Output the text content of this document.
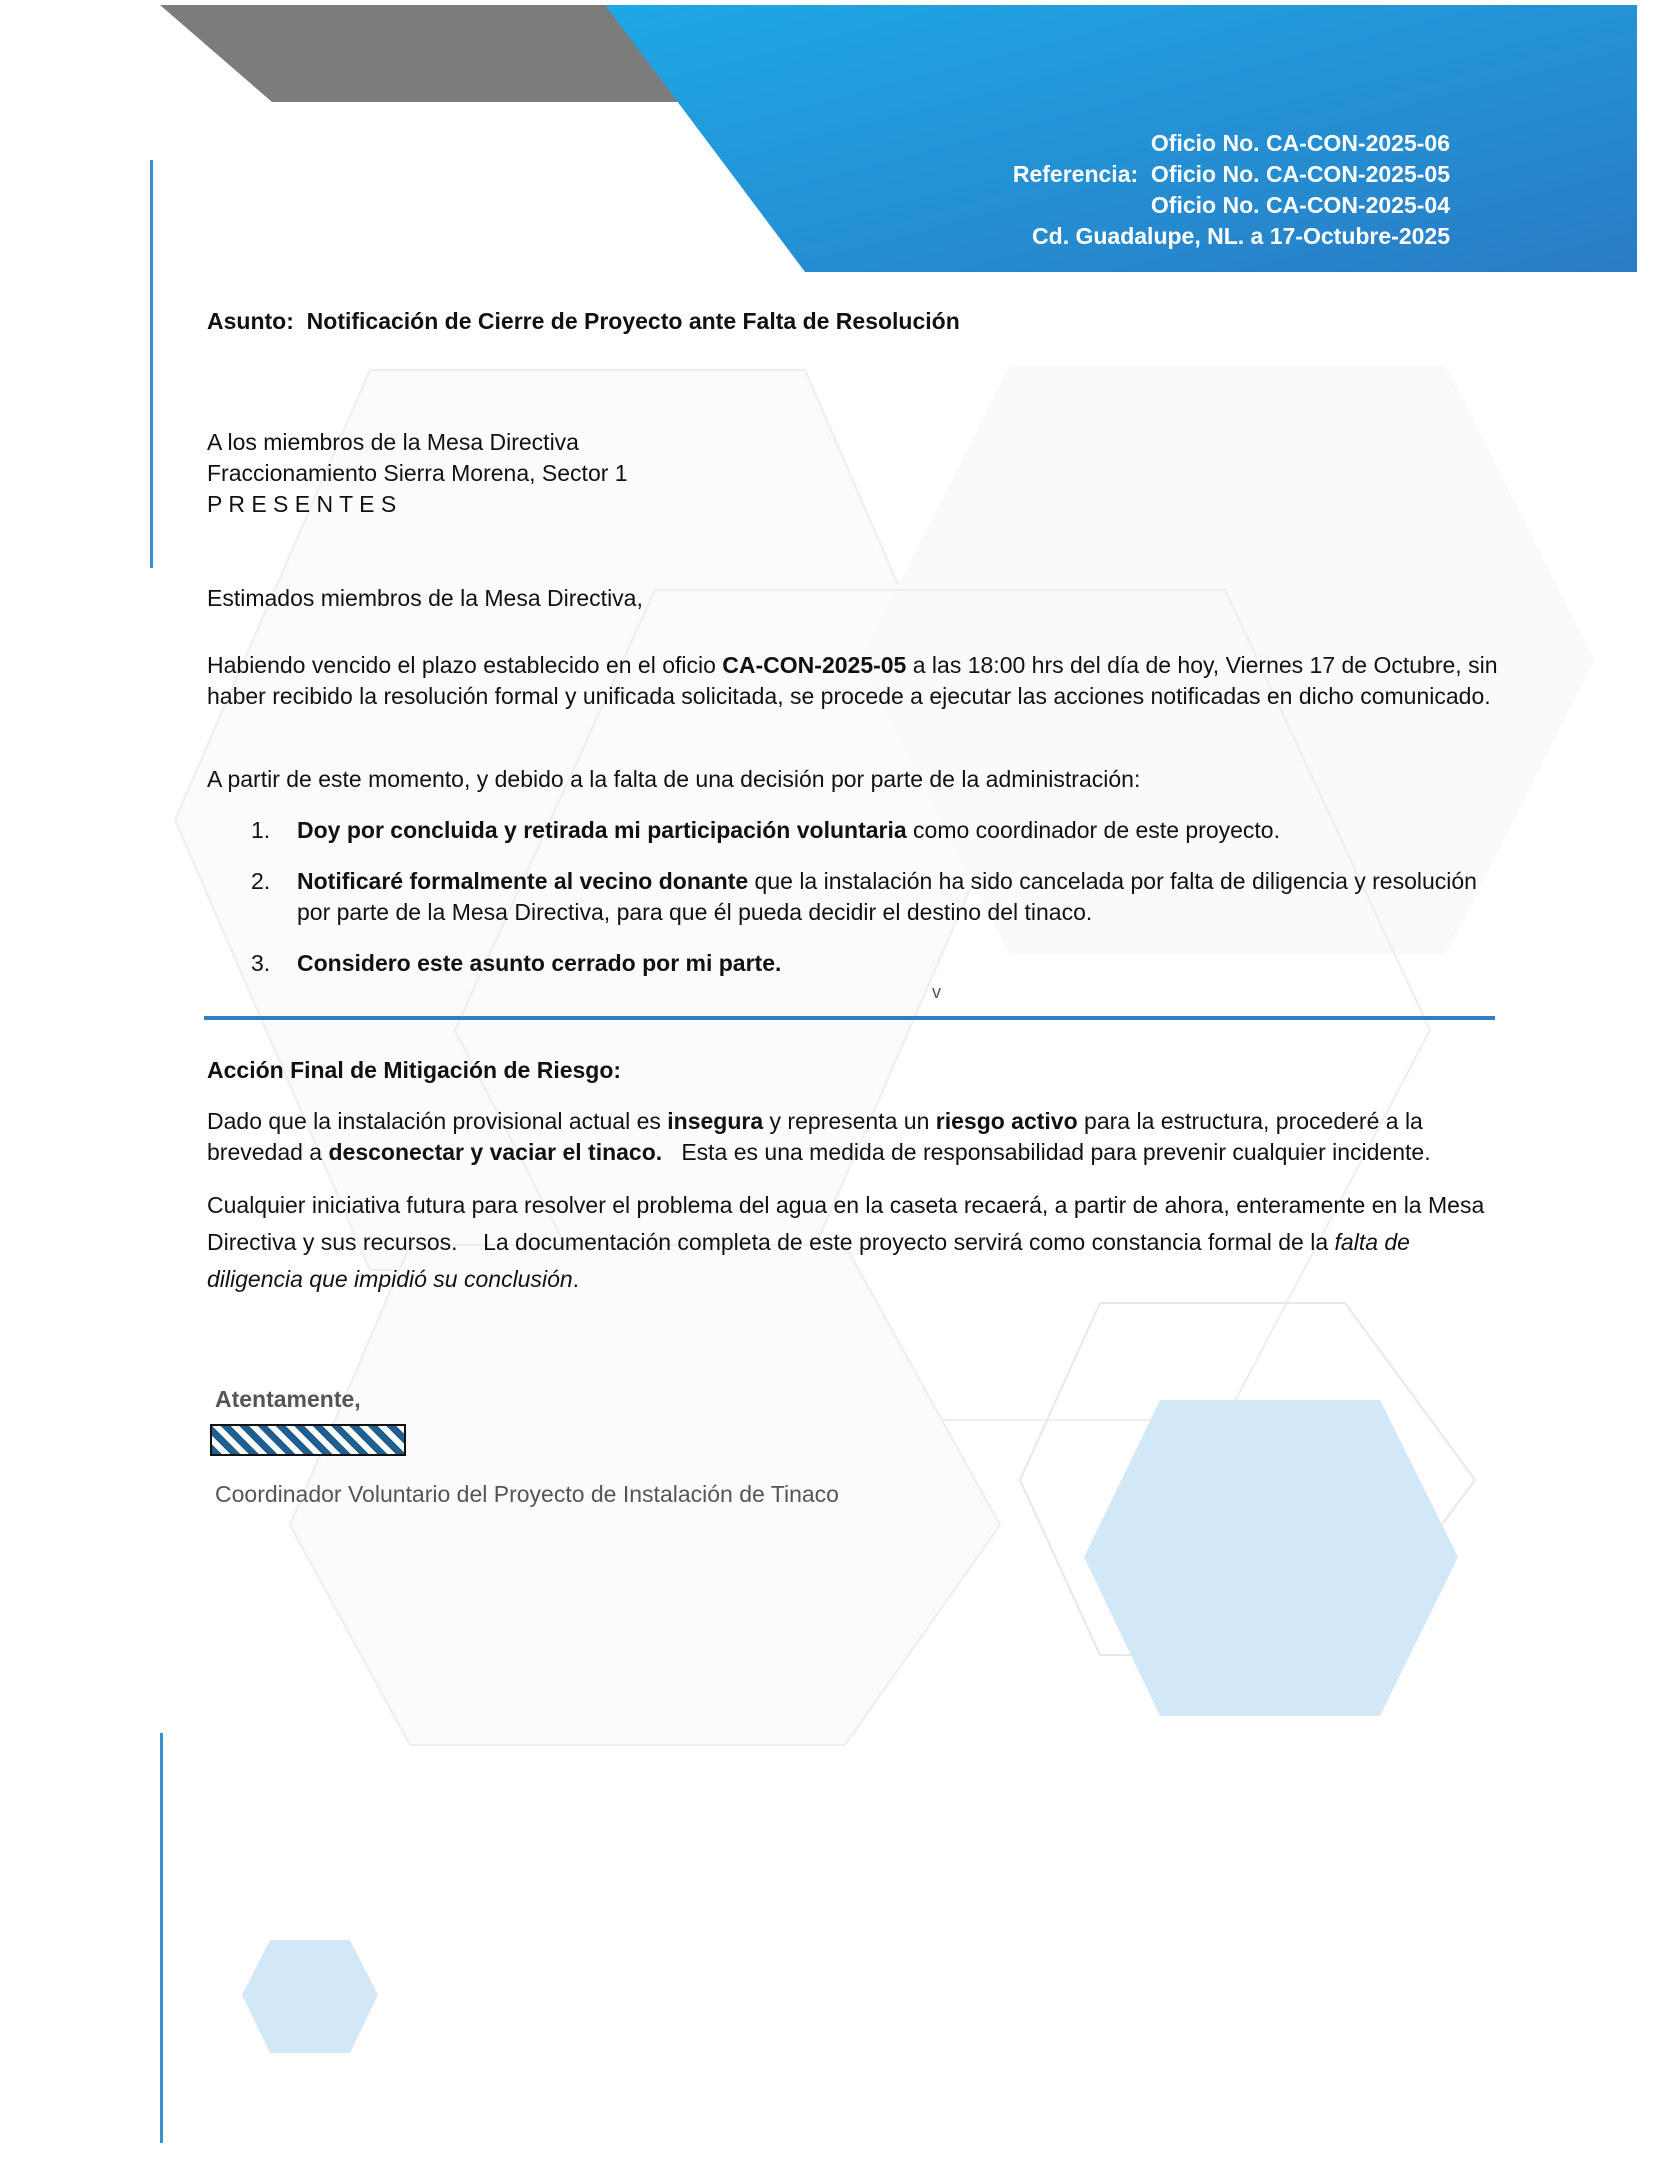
Oficio No. CA-CON-2025-06
Referencia:  Oficio No. CA-CON-2025-05
Oficio No. CA-CON-2025-04
Cd. Guadalupe, NL. a 17-Octubre-2025
Asunto: Notificación de Cierre de Proyecto ante Falta de Resolución
A los miembros de la Mesa Directiva
Fraccionamiento Sierra Morena, Sector 1
P R E S E N T E S
Estimados miembros de la Mesa Directiva,
Habiendo vencido el plazo establecido en el oficio CA-CON-2025-05 a las 18:00 hrs del día de hoy, Viernes 17 de Octubre, sin haber recibido la resolución formal y unificada solicitada, se procede a ejecutar las acciones notificadas en dicho comunicado.
A partir de este momento, y debido a la falta de una decisión por parte de la administración:
1. Doy por concluida y retirada mi participación voluntaria como coordinador de este proyecto.
2. Notificaré formalmente al vecino donante que la instalación ha sido cancelada por falta de diligencia y resolución por parte de la Mesa Directiva, para que él pueda decidir el destino del tinaco.
3. Considero este asunto cerrado por mi parte.
v
Acción Final de Mitigación de Riesgo:
Dado que la instalación provisional actual es insegura y representa un riesgo activo para la estructura, procederé a la brevedad a desconectar y vaciar el tinaco.   Esta es una medida de responsabilidad para prevenir cualquier incidente.
Cualquier iniciativa futura para resolver el problema del agua en la caseta recaerá, a partir de ahora, enteramente en la Mesa Directiva y sus recursos.    La documentación completa de este proyecto servirá como constancia formal de la falta de diligencia que impidió su conclusión.
Atentamente,
Coordinador Voluntario del Proyecto de Instalación de Tinaco
